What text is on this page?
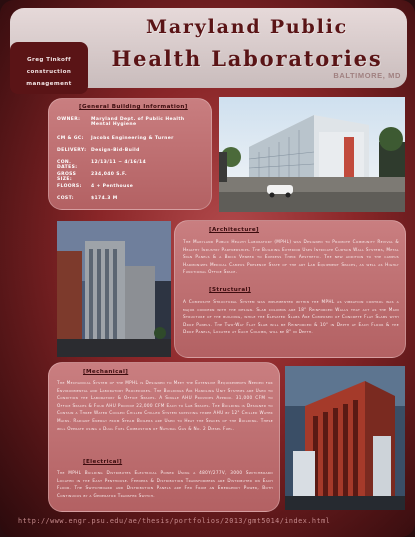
Maryland Public
Health Laboratories
BALTIMORE, MD
Greg Tinkoff
construction
management
[General Building Information]
OWNER:	Maryland Dept. of Public Health Mental Hygiene
CM & GC:	Jacobs Engineering & Turner
DELIVERY: Design-Bid-Build
CON. DATES:
12/13/11 ~ 4/16/14
GROSS SIZE:
234,040 S.F.
FLOORS:	4 + Penthouse
COST:	$174.3 M
[Architecture]
The Maryland Public Health Laboratory (MPHL) was Designed to Promote Community Revival & Healthy Industry Partnerships. The Building Exterior Uses Intricate Curtain Wall Systems, Metal Sign Panels & a Brick Veneer to Express Their Aesthetic. The new addition to the campus Harmonizes Medical Campus Presence State of the art Lab Equipment Spaces, as well as Highly Functional Office Space.
[Structural]
A Composite Structural System was implemented within the MPHL as vibration control was a major concern with the design. Slab columns are 18" Reinforced Walls that act as the Main Structure of the building, while the Elevated Slabs Are Composed of Concrete Flat Slabs with Drop Panels. The Two-Way Flat Slab will be Reinforced & 10" in Depth at Each Floor & the Drop Panels, Located at Each Column, will be 8" in Depth.
[Mechanical]
The Mechanical System of the MPHL is Designed to Meet the Extensive Requirements Needed for Environmental and Laboratory Procedures. The Buildings Air Handling Unit Systems are Used to Condition the Laboratory & Office Spaces. A Single AHU Provides Approx. 31,000 CFM to Office Spaces & Four AHU Provide 22,000 CFM Each to Lab Spaces. The Building is Designed to Contain a Three Water Cooled Chiller Chilled System supplying three AHU by 12" Chilled Water Mains. Radiant Energy from Steam Boilers are Used to Heat the Spaces of the Building. These will Operate using a Dual Fuel Combustion of Natural Gas & No. 2 Diesel Fuel.
[Electrical]
The MPHL Building Distributes Electrical Power Using a 480Y/277V, 3000 Switchboard Located in the East Penthouse. Feeders & Distribution Transformers are Distributed on Each Floor. The Switchboard and Distribution Panels are Fed From an Emergency Power, Both Continuous by a Generator Transfer Switch.
http://www.engr.psu.edu/ae/thesis/portfolios/2013/gmt5014/index.html
